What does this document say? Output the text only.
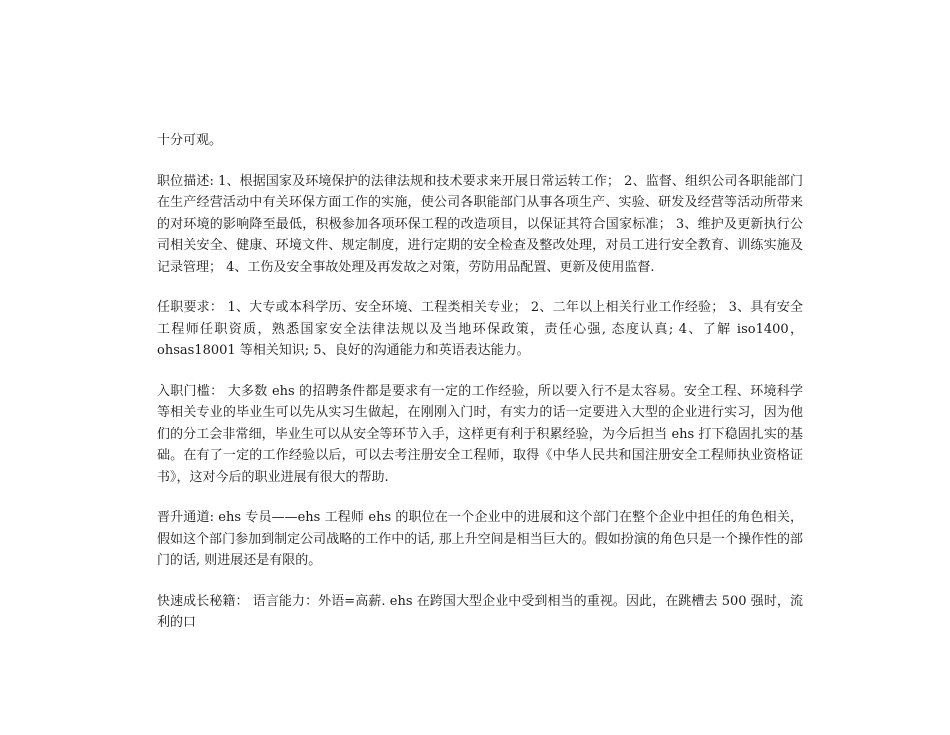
十分可观。

职位描述: 1、根据国家及环境保护的法律法规和技术要求来开展日常运转工作； 2、监督、组织公司各职能部门在生产经营活动中有关环保方面工作的实施，使公司各职能部门从事各项生产、实验、研发及经营等活动所带来的对环境的影响降至最低，积极参加各项环保工程的改造项目，以保证其符合国家标准； 3、维护及更新执行公司相关安全、健康、环境文件、规定制度，进行定期的安全检查及整改处理，对员工进行安全教育、训练实施及记录管理； 4、工伤及安全事故处理及再发故之对策，劳防用品配置、更新及使用监督.

任职要求： 1、大专或本科学历、安全环境、工程类相关专业； 2、二年以上相关行业工作经验； 3、具有安全工程师任职资质，熟悉国家安全法律法规以及当地环保政策，责任心强, 态度认真; 4、了解 iso1400，ohsas18001 等相关知识; 5、良好的沟通能力和英语表达能力。

入职门槛： 大多数 ehs 的招聘条件都是要求有一定的工作经验，所以要入行不是太容易。安全工程、环境科学等相关专业的毕业生可以先从实习生做起，在刚刚入门时，有实力的话一定要进入大型的企业进行实习，因为他们的分工会非常细，毕业生可以从安全等环节入手，这样更有利于积累经验，为今后担当 ehs 打下稳固扎实的基础。在有了一定的工作经验以后，可以去考注册安全工程师，取得《中华人民共和国注册安全工程师执业资格证书》，这对今后的职业进展有很大的帮助.

晋升通道: ehs 专员——ehs 工程师 ehs 的职位在一个企业中的进展和这个部门在整个企业中担任的角色相关，假如这个部门参加到制定公司战略的工作中的话, 那上升空间是相当巨大的。假如扮演的角色只是一个操作性的部门的话, 则进展还是有限的。

快速成长秘籍： 语言能力：外语=高薪. ehs 在跨国大型企业中受到相当的重视。因此，在跳槽去 500 强时，流利的口
